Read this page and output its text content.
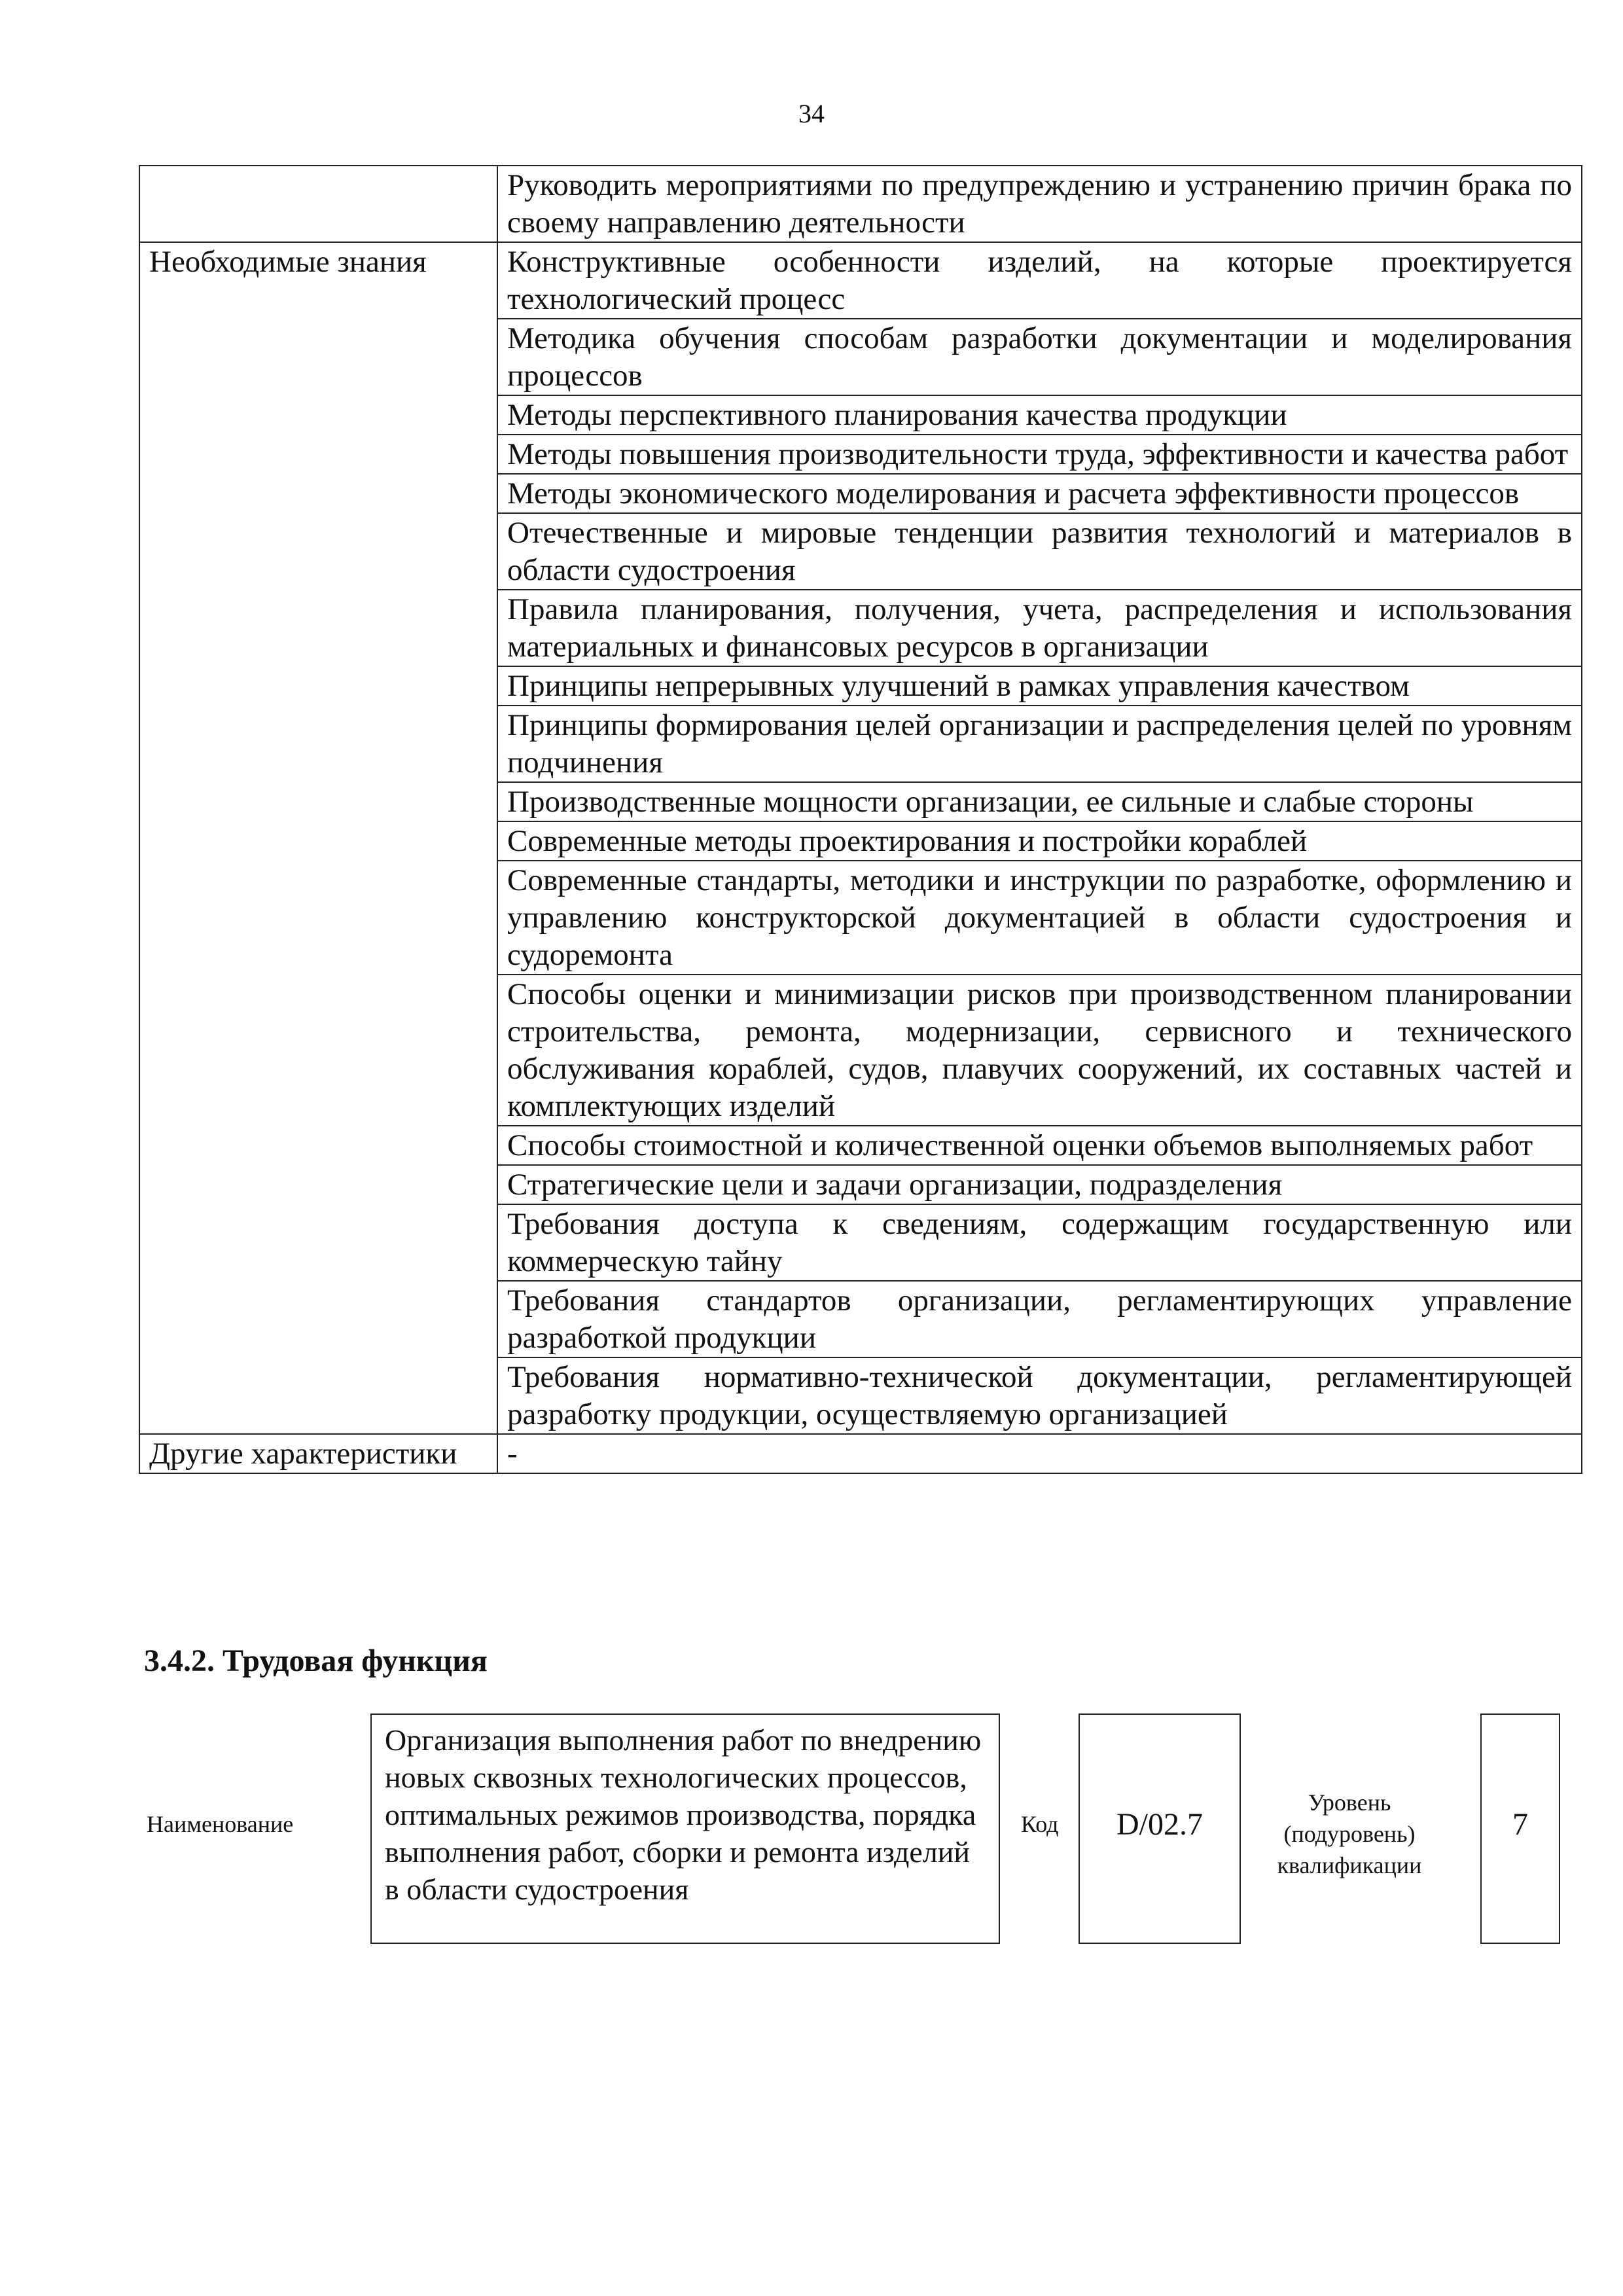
34
	Руководить мероприятиями по предупреждению и устранению причин брака по своему направлению деятельности
Необходимые знания	Конструктивные особенности изделий, на которые проектируется технологический процесс
	Методика обучения способам разработки документации и моделирования процессов
	Методы перспективного планирования качества продукции
	Методы повышения производительности труда, эффективности и качества работ
	Методы экономического моделирования и расчета эффективности процессов
	Отечественные и мировые тенденции развития технологий и материалов в области судостроения
	Правила планирования, получения, учета, распределения и использования материальных и финансовых ресурсов в организации
	Принципы непрерывных улучшений в рамках управления качеством
	Принципы формирования целей организации и распределения целей по уровням подчинения
	Производственные мощности организации, ее сильные и слабые стороны
	Современные методы проектирования и постройки кораблей
	Современные стандарты, методики и инструкции по разработке, оформлению и управлению конструкторской документацией в области судостроения и судоремонта
	Способы оценки и минимизации рисков при производственном планировании строительства, ремонта, модернизации, сервисного и технического обслуживания кораблей, судов, плавучих сооружений, их составных частей и комплектующих изделий
	Способы стоимостной и количественной оценки объемов выполняемых работ
	Стратегические цели и задачи организации, подразделения
	Требования доступа к сведениям, содержащим государственную или коммерческую тайну
	Требования стандартов организации, регламентирующих управление разработкой продукции
	Требования нормативно-технической документации, регламентирующей разработку продукции, осуществляемую организацией
Другие характеристики	-
3.4.2. Трудовая функция
Наименование
Организация выполнения работ по внедрению новых сквозных технологических процессов, оптимальных режимов производства, порядка выполнения работ, сборки и ремонта изделий в области судостроения
Код	D/02.7
Уровень
(подуровень)
квалификации
7
